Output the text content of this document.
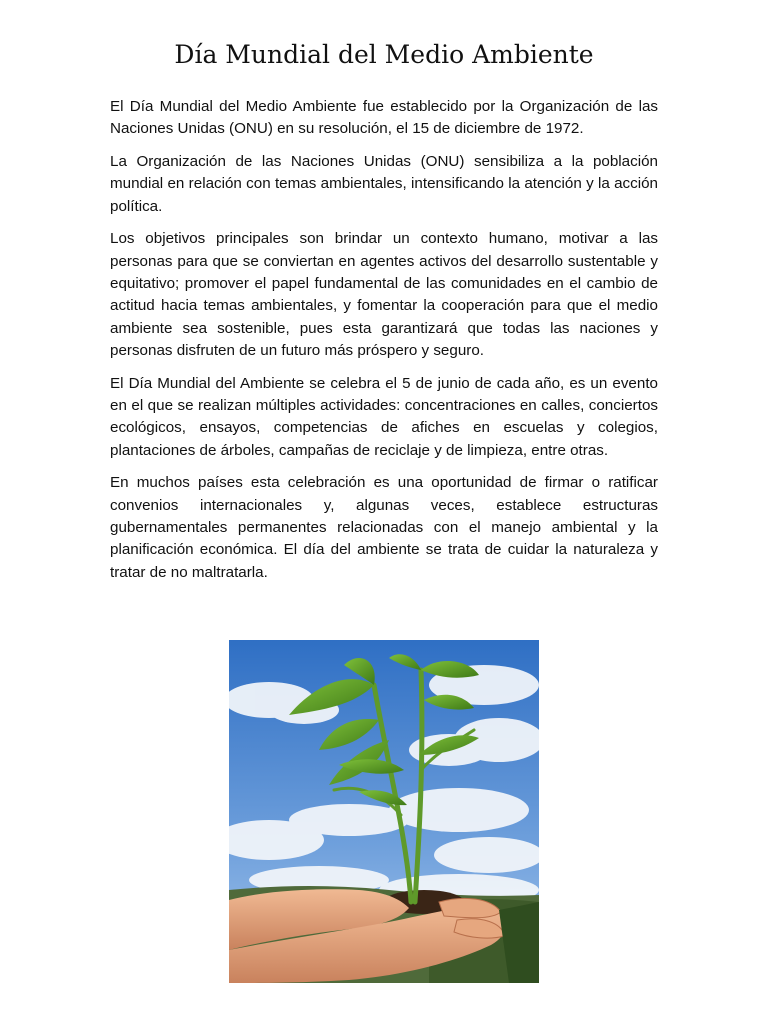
Día Mundial del Medio Ambiente

El Día Mundial del Medio Ambiente fue establecido por la Organización de las Naciones Unidas (ONU) en su resolución, el 15 de diciembre de 1972.

La Organización de las Naciones Unidas (ONU) sensibiliza a la población mundial en relación con temas ambientales, intensificando la atención y la acción política.

Los objetivos principales son brindar un contexto humano, motivar a las personas para que se conviertan en agentes activos del desarrollo sustentable y equitativo; promover el papel fundamental de las comunidades en el cambio de actitud hacia temas ambientales, y fomentar la cooperación para que el medio ambiente sea sostenible, pues esta garantizará que todas las naciones y personas disfruten de un futuro más próspero y seguro.

El Día Mundial del Ambiente se celebra el 5 de junio de cada año, es un evento en el que se realizan múltiples actividades: concentraciones en calles, conciertos ecológicos, ensayos, competencias de afiches en escuelas y colegios, plantaciones de árboles, campañas de reciclaje y de limpieza, entre otras.

En muchos países esta celebración es una oportunidad de firmar o ratificar convenios internacionales y, algunas veces, establece estructuras gubernamentales permanentes relacionadas con el manejo ambiental y la planificación económica. El día del ambiente se trata de cuidar la naturaleza y tratar de no maltratarla.
